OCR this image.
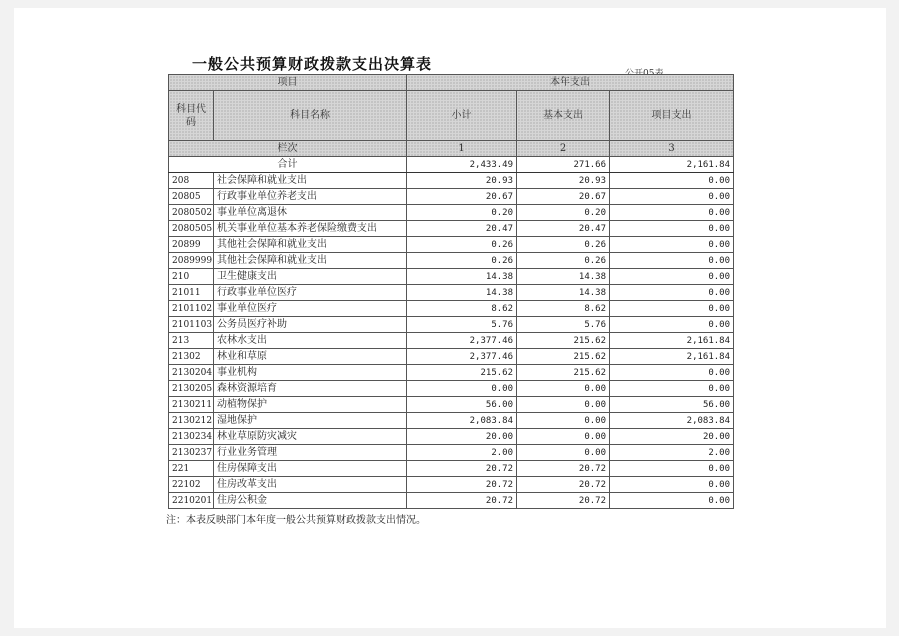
一般公共预算财政拨款支出决算表
项目		本年支出		
科目代码	科目名称	小计	基本支出	项目支出
栏次		1	2	3
合计		2,433.49	271.66	2,161.84
208	社会保障和就业支出	20.93	20.93	0.00
20805	行政事业单位养老支出	20.67	20.67	0.00
2080502	事业单位离退休	0.20	0.20	0.00
2080505	机关事业单位基本养老保险缴费支出	20.47	20.47	0.00
20899	其他社会保障和就业支出	0.26	0.26	0.00
2089999	其他社会保障和就业支出	0.26	0.26	0.00
210	卫生健康支出	14.38	14.38	0.00
21011	行政事业单位医疗	14.38	14.38	0.00
2101102	事业单位医疗	8.62	8.62	0.00
2101103	公务员医疗补助	5.76	5.76	0.00
213	农林水支出	2,377.46	215.62	2,161.84
21302	林业和草原	2,377.46	215.62	2,161.84
2130204	事业机构	215.62	215.62	0.00
2130205	森林资源培育	0.00	0.00	0.00
2130211	动植物保护	56.00	0.00	56.00
2130212	湿地保护	2,083.84	0.00	2,083.84
2130234	林业草原防灾减灾	20.00	0.00	20.00
2130237	行业业务管理	2.00	0.00	2.00
221	住房保障支出	20.72	20.72	0.00
22102	住房改革支出	20.72	20.72	0.00
2210201	住房公积金	20.72	20.72	0.00
注：本表反映部门本年度一般公共预算财政拨款支出情况。
